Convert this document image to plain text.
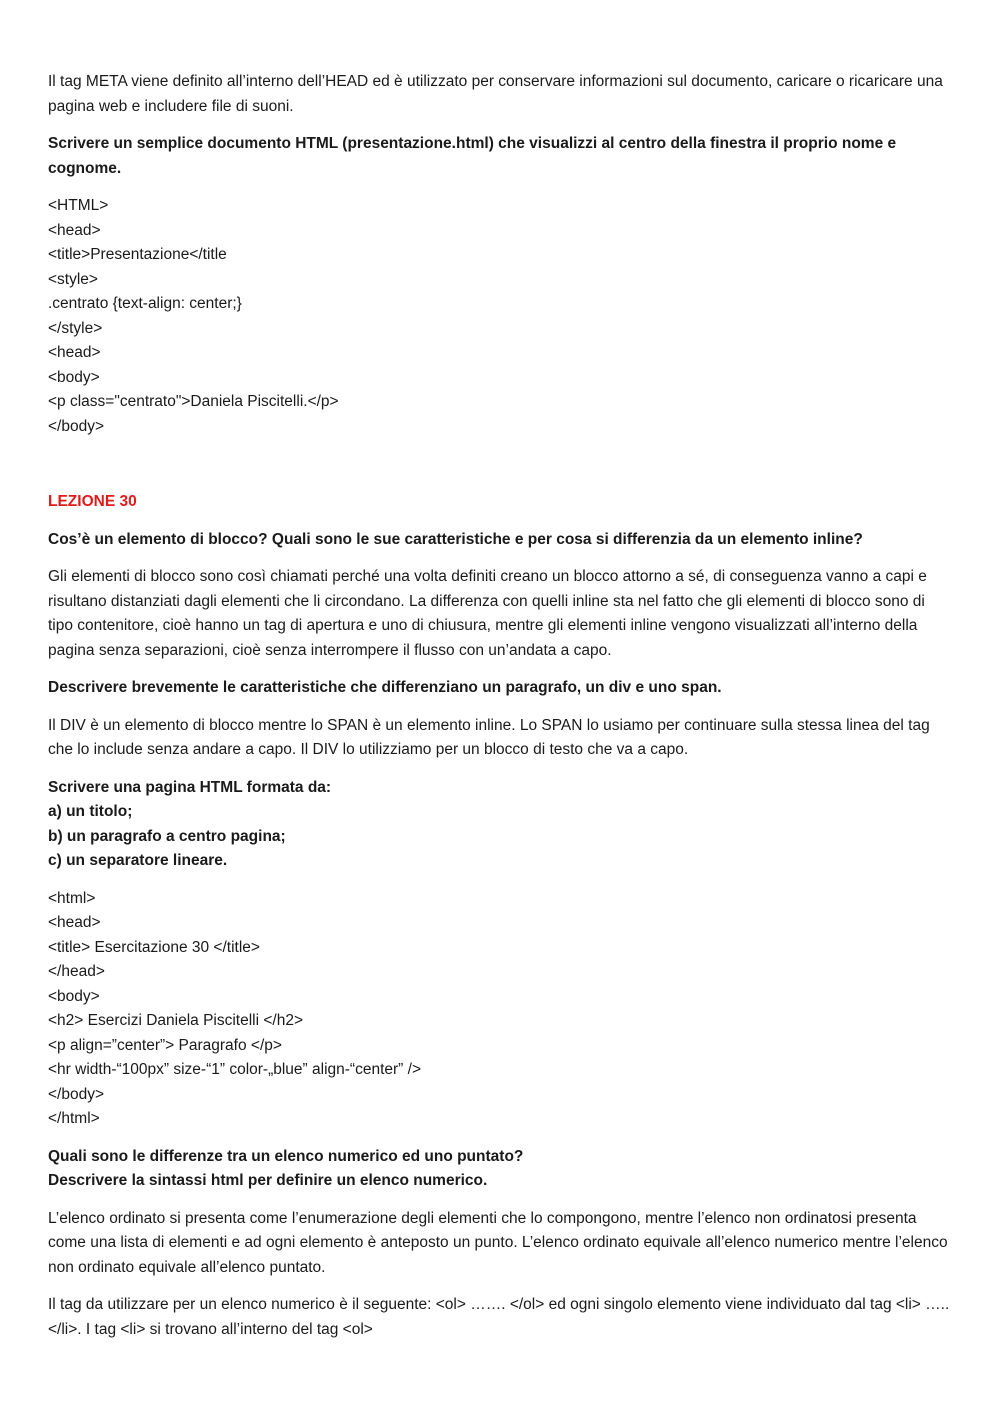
Il tag META viene definito all’interno dell’HEAD ed è utilizzato per conservare informazioni sul documento, caricare o ricaricare una pagina web e includere file di suoni.

Scrivere un semplice documento HTML (presentazione.html) che visualizzi al centro della finestra il proprio nome e cognome.

<HTML>
<head>
<title>Presentazione</title
<style>
.centrato {text-align: center;}
</style>
<head>
<body>
<p class="centrato">Daniela Piscitelli.</p>
</body>

LEZIONE 30

Cos’è un elemento di blocco? Quali sono le sue caratteristiche e per cosa si differenzia da un elemento inline?

Gli elementi di blocco sono così chiamati perché una volta definiti creano un blocco attorno a sé, di conseguenza vanno a capi e risultano distanziati dagli elementi che li circondano. La differenza con quelli inline sta nel fatto che gli elementi di blocco sono di tipo contenitore, cioè hanno un tag di apertura e uno di chiusura, mentre gli elementi inline vengono visualizzati all’interno della pagina senza separazioni, cioè senza interrompere il flusso con un’andata a capo.

Descrivere brevemente le caratteristiche che differenziano un paragrafo, un div e uno span.

Il DIV è un elemento di blocco mentre lo SPAN è un elemento inline. Lo SPAN lo usiamo per continuare sulla stessa linea del tag che lo include senza andare a capo. Il DIV lo utilizziamo per un blocco di testo che va a capo.

Scrivere una pagina HTML formata da:
a) un titolo;
b) un paragrafo a centro pagina;
c) un separatore lineare.

<html>
<head>
<title> Esercitazione 30 </title>
</head>
<body>
<h2> Esercizi Daniela Piscitelli </h2>
<p align=”center”> Paragrafo </p>
<hr width-“100px” size-“1” color-„blue” align-“center” />
</body>
</html>

Quali sono le differenze tra un elenco numerico ed uno puntato?
Descrivere la sintassi html per definire un elenco numerico.

L’elenco ordinato si presenta come l’enumerazione degli elementi che lo compongono, mentre l’elenco non ordinatosi presenta come una lista di elementi e ad ogni elemento è anteposto un punto. L’elenco ordinato equivale all’elenco numerico mentre l’elenco non ordinato equivale all’elenco puntato.

Il tag da utilizzare per un elenco numerico è il seguente: <ol> ……. </ol> ed ogni singolo elemento viene individuato dal tag <li> ….. </li>. I tag <li> si trovano all’interno del tag <ol>
